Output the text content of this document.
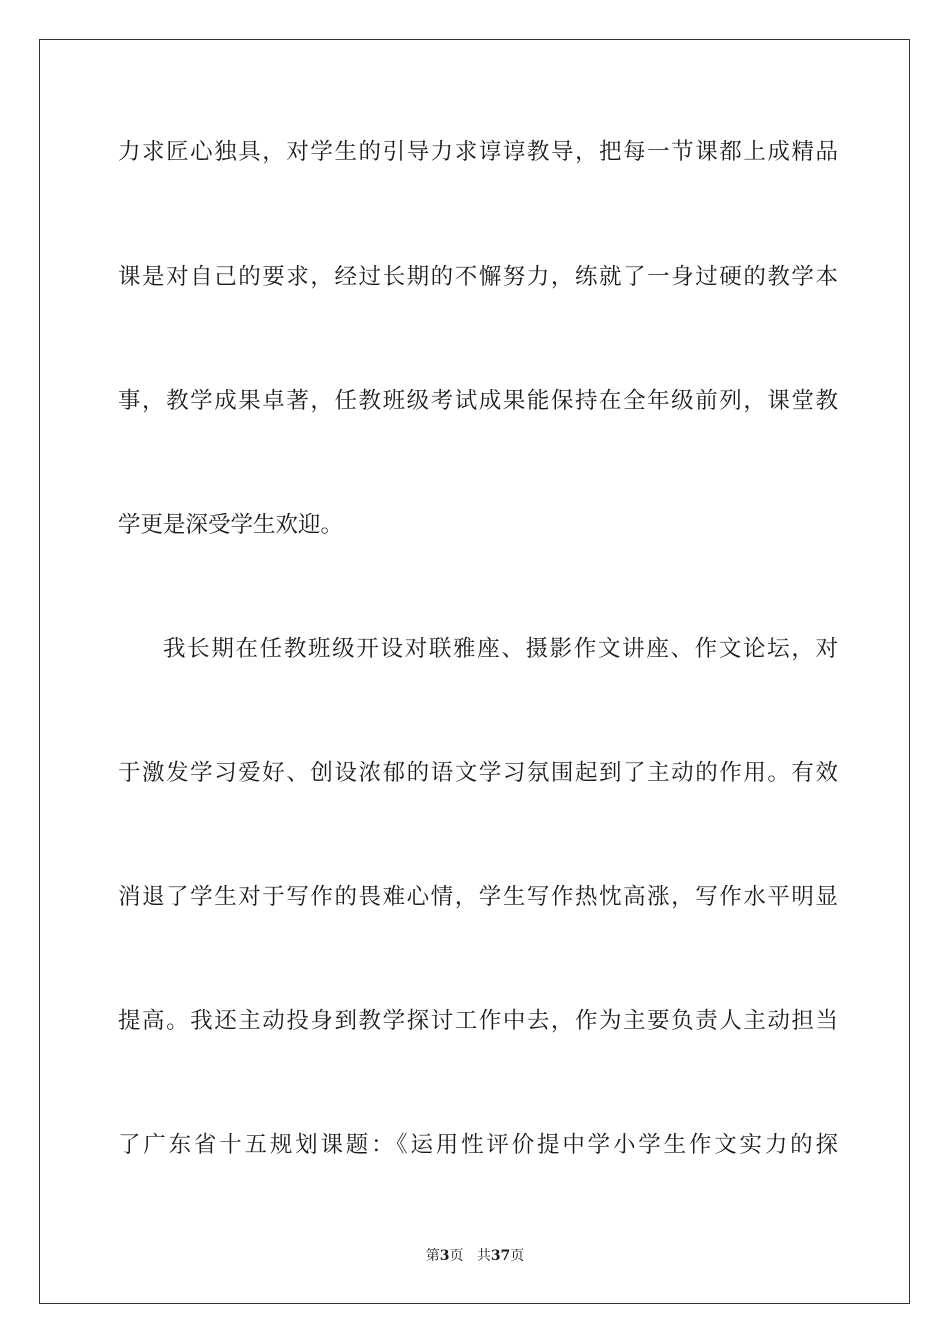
力求匠心独具，对学生的引导力求谆谆教导，把每一节课都上成精品
课是对自己的要求，经过长期的不懈努力，练就了一身过硬的教学本
事，教学成果卓著，任教班级考试成果能保持在全年级前列，课堂教
学更是深受学生欢迎。
我长期在任教班级开设对联雅座、摄影作文讲座、作文论坛，对
于激发学习爱好、创设浓郁的语文学习氛围起到了主动的作用。有效
消退了学生对于写作的畏难心情，学生写作热忱高涨，写作水平明显
提高。我还主动投身到教学探讨工作中去，作为主要负责人主动担当
了广东省十五规划课题：《运用性评价提中学小学生作文实力的探
第3页 共37页
